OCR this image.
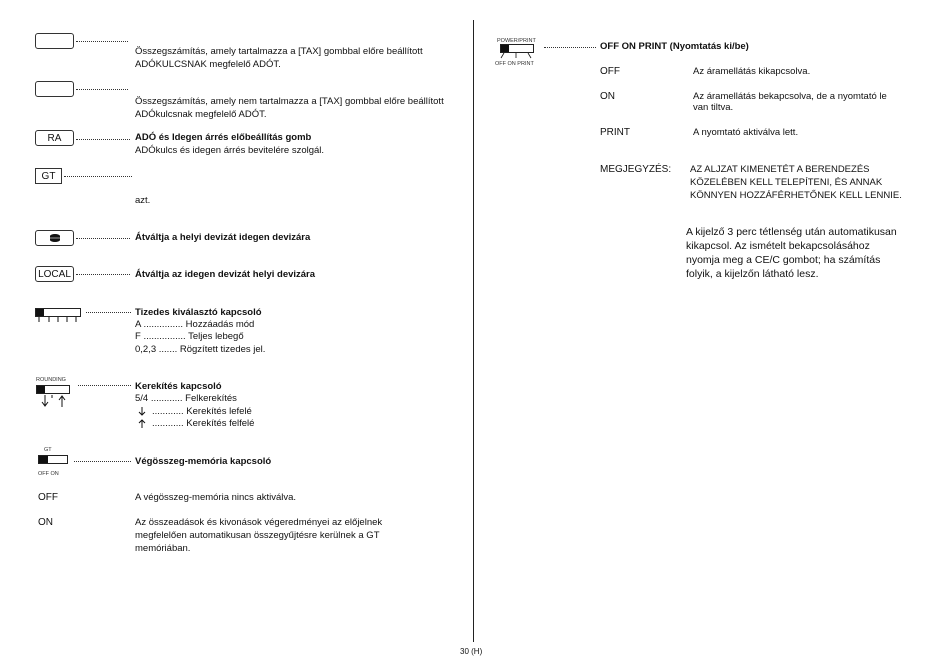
Összegszámítás, amely tartalmazza a [TAX] gombbal előre beállított ADÓKULCSNAK megfelelő ADÓT.
Összegszámítás, amely nem tartalmazza a [TAX] gombbal előre beállított ADÓkulcsnak megfelelő ADÓT.
RA	ADÓ és Idegen árrés előbeállítás gomb
ADÓkulcs és idegen árrés bevitelére szolgál.
GT
azt.
Átváltja a helyi devizát idegen devizára
LOCAL	Átváltja az idegen devizát helyi devizára
Tizedes kiválasztó kapcsoló
A ............... Hozzáadás mód
F ................ Teljes lebegő
0,2,3 ....... Rögzített tizedes jel.
ROUNDING
Kerekítés kapcsoló
5/4 ............ Felkerekítés
............ Kerekítés lefelé
............ Kerekítés felfelé
GT
OFF ON
Végösszeg-memória kapcsoló
OFF	A végösszeg-memória nincs aktiválva.
ON	Az összeadások és kivonások végeredményei az előjelnek
megfelelően automatikusan összegyűjtésre kerülnek a GT
memóriában.
POWER/PRINT
OFF ON PRINT
OFF ON PRINT (Nyomtatás ki/be)
OFF	Az áramellátás kikapcsolva.
ON	Az áramellátás bekapcsolva, de a nyomtató le
van tiltva.
PRINT	A nyomtató aktiválva lett.
MEGJEGYZÉS: AZ ALJZAT KIMENETÉT A BERENDEZÉS
KÖZELÉBEN KELL TELEPÍTENI, ÉS ANNAK
KÖNNYEN HOZZÁFÉRHETŐNEK KELL LENNIE.
A kijelző 3 perc tétlenség után automatikusan
kikapcsol. Az ismételt bekapcsolásához
nyomja meg a CE/C gombot; ha számítás
folyik, a kijelzőn látható lesz.
30 (H)
